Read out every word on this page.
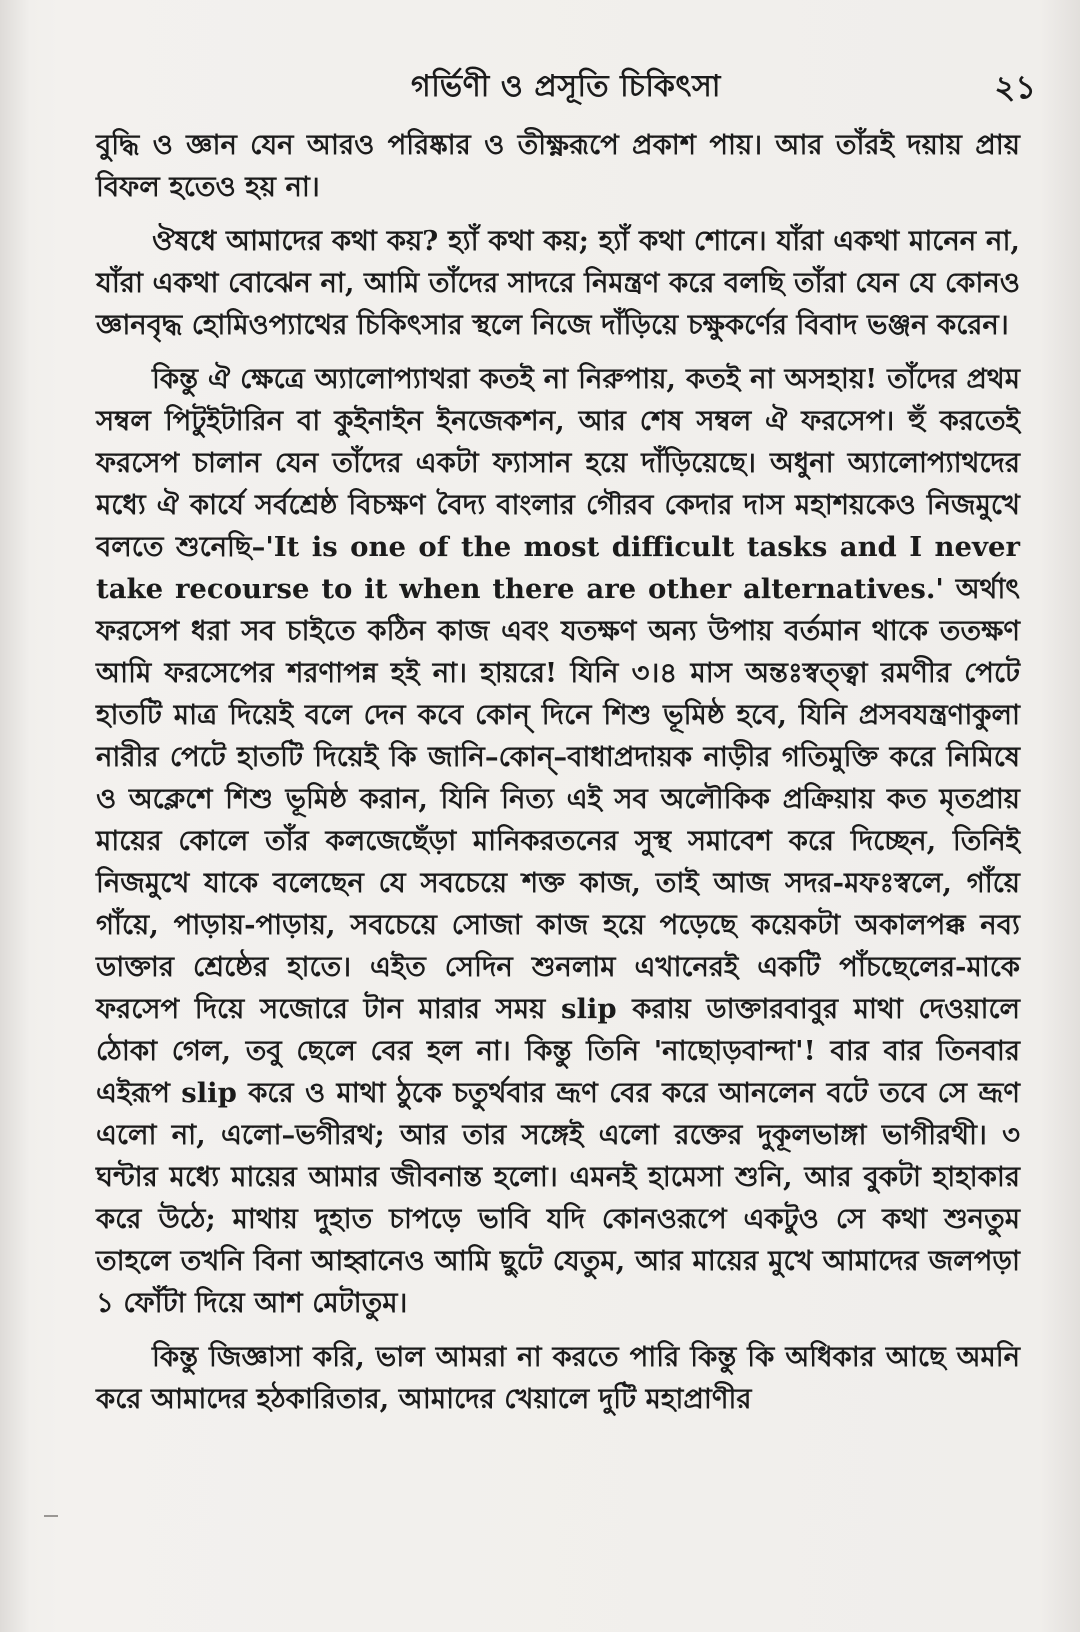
গর্ভিণী ও প্রসূতি চিকিৎসা	২১

বুদ্ধি ও জ্ঞান যেন আরও পরিষ্কার ও তীক্ষ্ণরূপে প্রকাশ পায়। আর তাঁরই দয়ায় প্রায় বিফল হতেও হয় না।

ঔষধে আমাদের কথা কয়? হ্যাঁ কথা কয়; হ্যাঁ কথা শোনে। যাঁরা একথা মানেন না, যাঁরা একথা বোঝেন না, আমি তাঁদের সাদরে নিমন্ত্রণ করে বলছি তাঁরা যেন যে কোনও জ্ঞানবৃদ্ধ হোমিওপ্যাথের চিকিৎসার স্থলে নিজে দাঁড়িয়ে চক্ষুকর্ণের বিবাদ ভঞ্জন করেন।

কিন্তু ঐ ক্ষেত্রে অ্যালোপ্যাথরা কতই না নিরুপায়, কতই না অসহায়! তাঁদের প্রথম সম্বল পিটুইটারিন বা কুইনাইন ইনজেকশন, আর শেষ সম্বল ঐ ফরসেপ। হুঁ করতেই ফরসেপ চালান যেন তাঁদের একটা ফ্যাসান হয়ে দাঁড়িয়েছে। অধুনা অ্যালোপ্যাথদের মধ্যে ঐ কার্যে সর্বশ্রেষ্ঠ বিচক্ষণ বৈদ্য বাংলার গৌরব কেদার দাস মহাশয়কেও নিজমুখে বলতে শুনেছি–'It is one of the most difficult tasks and I never take recourse to it when there are other alternatives.' অর্থাৎ ফরসেপ ধরা সব চাইতে কঠিন কাজ এবং যতক্ষণ অন্য উপায় বর্তমান থাকে ততক্ষণ আমি ফরসেপের শরণাপন্ন হই না। হায়রে! যিনি ৩।৪ মাস অন্তঃস্বত্ত্বা রমণীর পেটে হাতটি মাত্র দিয়েই বলে দেন কবে কোন্ দিনে শিশু ভূমিষ্ঠ হবে, যিনি প্রসবযন্ত্রণাকুলা নারীর পেটে হাতটি দিয়েই কি জানি–কোন্–বাধাপ্রদায়ক নাড়ীর গতিমুক্তি করে নিমিষে ও অক্লেশে শিশু ভূমিষ্ঠ করান, যিনি নিত্য এই সব অলৌকিক প্রক্রিয়ায় কত মৃতপ্রায় মায়ের কোলে তাঁর কলজেছেঁড়া মানিকরতনের সুস্থ সমাবেশ করে দিচ্ছেন, তিনিই নিজমুখে যাকে বলেছেন যে সবচেয়ে শক্ত কাজ, তাই আজ সদর-মফঃস্বলে, গাঁয়ে গাঁয়ে, পাড়ায়-পাড়ায়, সবচেয়ে সোজা কাজ হয়ে পড়েছে কয়েকটা অকালপক্ক নব্য ডাক্তার শ্রেষ্ঠের হাতে। এইত সেদিন শুনলাম এখানেরই একটি পাঁচছেলের-মাকে ফরসেপ দিয়ে সজোরে টান মারার সময় slip করায় ডাক্তারবাবুর মাথা দেওয়ালে ঠোকা গেল, তবু ছেলে বের হল না। কিন্তু তিনি 'নাছোড়বান্দা'! বার বার তিনবার এইরূপ slip করে ও মাথা ঠুকে চতুর্থবার ভ্রূণ বের করে আনলেন বটে তবে সে ভ্রূণ এলো না, এলো–ভগীরথ; আর তার সঙ্গেই এলো রক্তের দুকূলভাঙ্গা ভাগীরথী। ৩ ঘন্টার মধ্যে মায়ের আমার জীবনান্ত হলো। এমনই হামেসা শুনি, আর বুকটা হাহাকার করে উঠে; মাথায় দুহাত চাপড়ে ভাবি যদি কোনওরূপে একটুও সে কথা শুনতুম তাহলে তখনি বিনা আহ্বানেও আমি ছুটে যেতুম, আর মায়ের মুখে আমাদের জলপড়া ১ ফোঁটা দিয়ে আশ মেটাতুম।

কিন্তু জিজ্ঞাসা করি, ভাল আমরা না করতে পারি কিন্তু কি অধিকার আছে অমনি করে আমাদের হঠকারিতার, আমাদের খেয়ালে দুটি মহাপ্রাণীর
